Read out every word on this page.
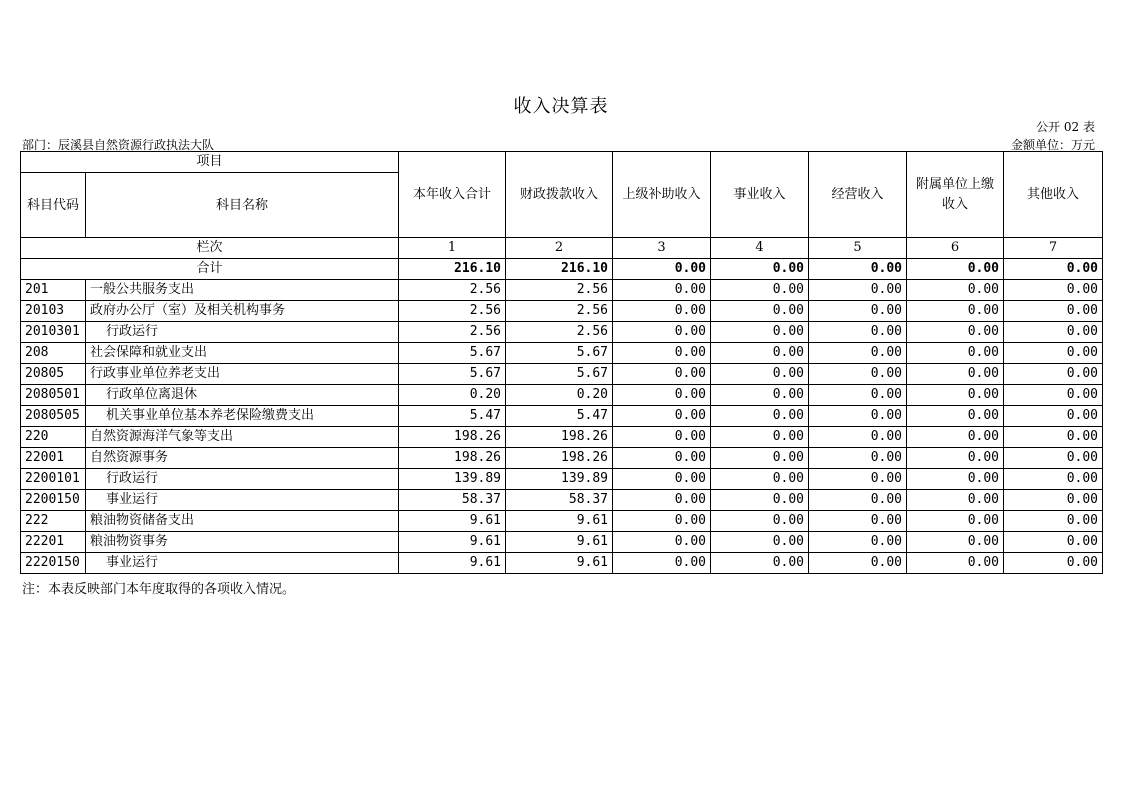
收入决算表
公开 02 表
部门：辰溪县自然资源行政执法大队	金额单位：万元
项目		本年收入合计	财政拨款收入	上级补助收入	事业收入	经营收入	附属单位上缴收入	其他收入
科目代码	科目名称							
栏次		1	2	3	4	5	6	7
合计		216.10	216.10	0.00	0.00	0.00	0.00	0.00
201	一般公共服务支出	2.56	2.56	0.00	0.00	0.00	0.00	0.00
20103	政府办公厅（室）及相关机构事务	2.56	2.56	0.00	0.00	0.00	0.00	0.00
2010301	行政运行	2.56	2.56	0.00	0.00	0.00	0.00	0.00
208	社会保障和就业支出	5.67	5.67	0.00	0.00	0.00	0.00	0.00
20805	行政事业单位养老支出	5.67	5.67	0.00	0.00	0.00	0.00	0.00
2080501	行政单位离退休	0.20	0.20	0.00	0.00	0.00	0.00	0.00
2080505	机关事业单位基本养老保险缴费支出	5.47	5.47	0.00	0.00	0.00	0.00	0.00
220	自然资源海洋气象等支出	198.26	198.26	0.00	0.00	0.00	0.00	0.00
22001	自然资源事务	198.26	198.26	0.00	0.00	0.00	0.00	0.00
2200101	行政运行	139.89	139.89	0.00	0.00	0.00	0.00	0.00
2200150	事业运行	58.37	58.37	0.00	0.00	0.00	0.00	0.00
222	粮油物资储备支出	9.61	9.61	0.00	0.00	0.00	0.00	0.00
22201	粮油物资事务	9.61	9.61	0.00	0.00	0.00	0.00	0.00
2220150	事业运行	9.61	9.61	0.00	0.00	0.00	0.00	0.00
注：本表反映部门本年度取得的各项收入情况。
